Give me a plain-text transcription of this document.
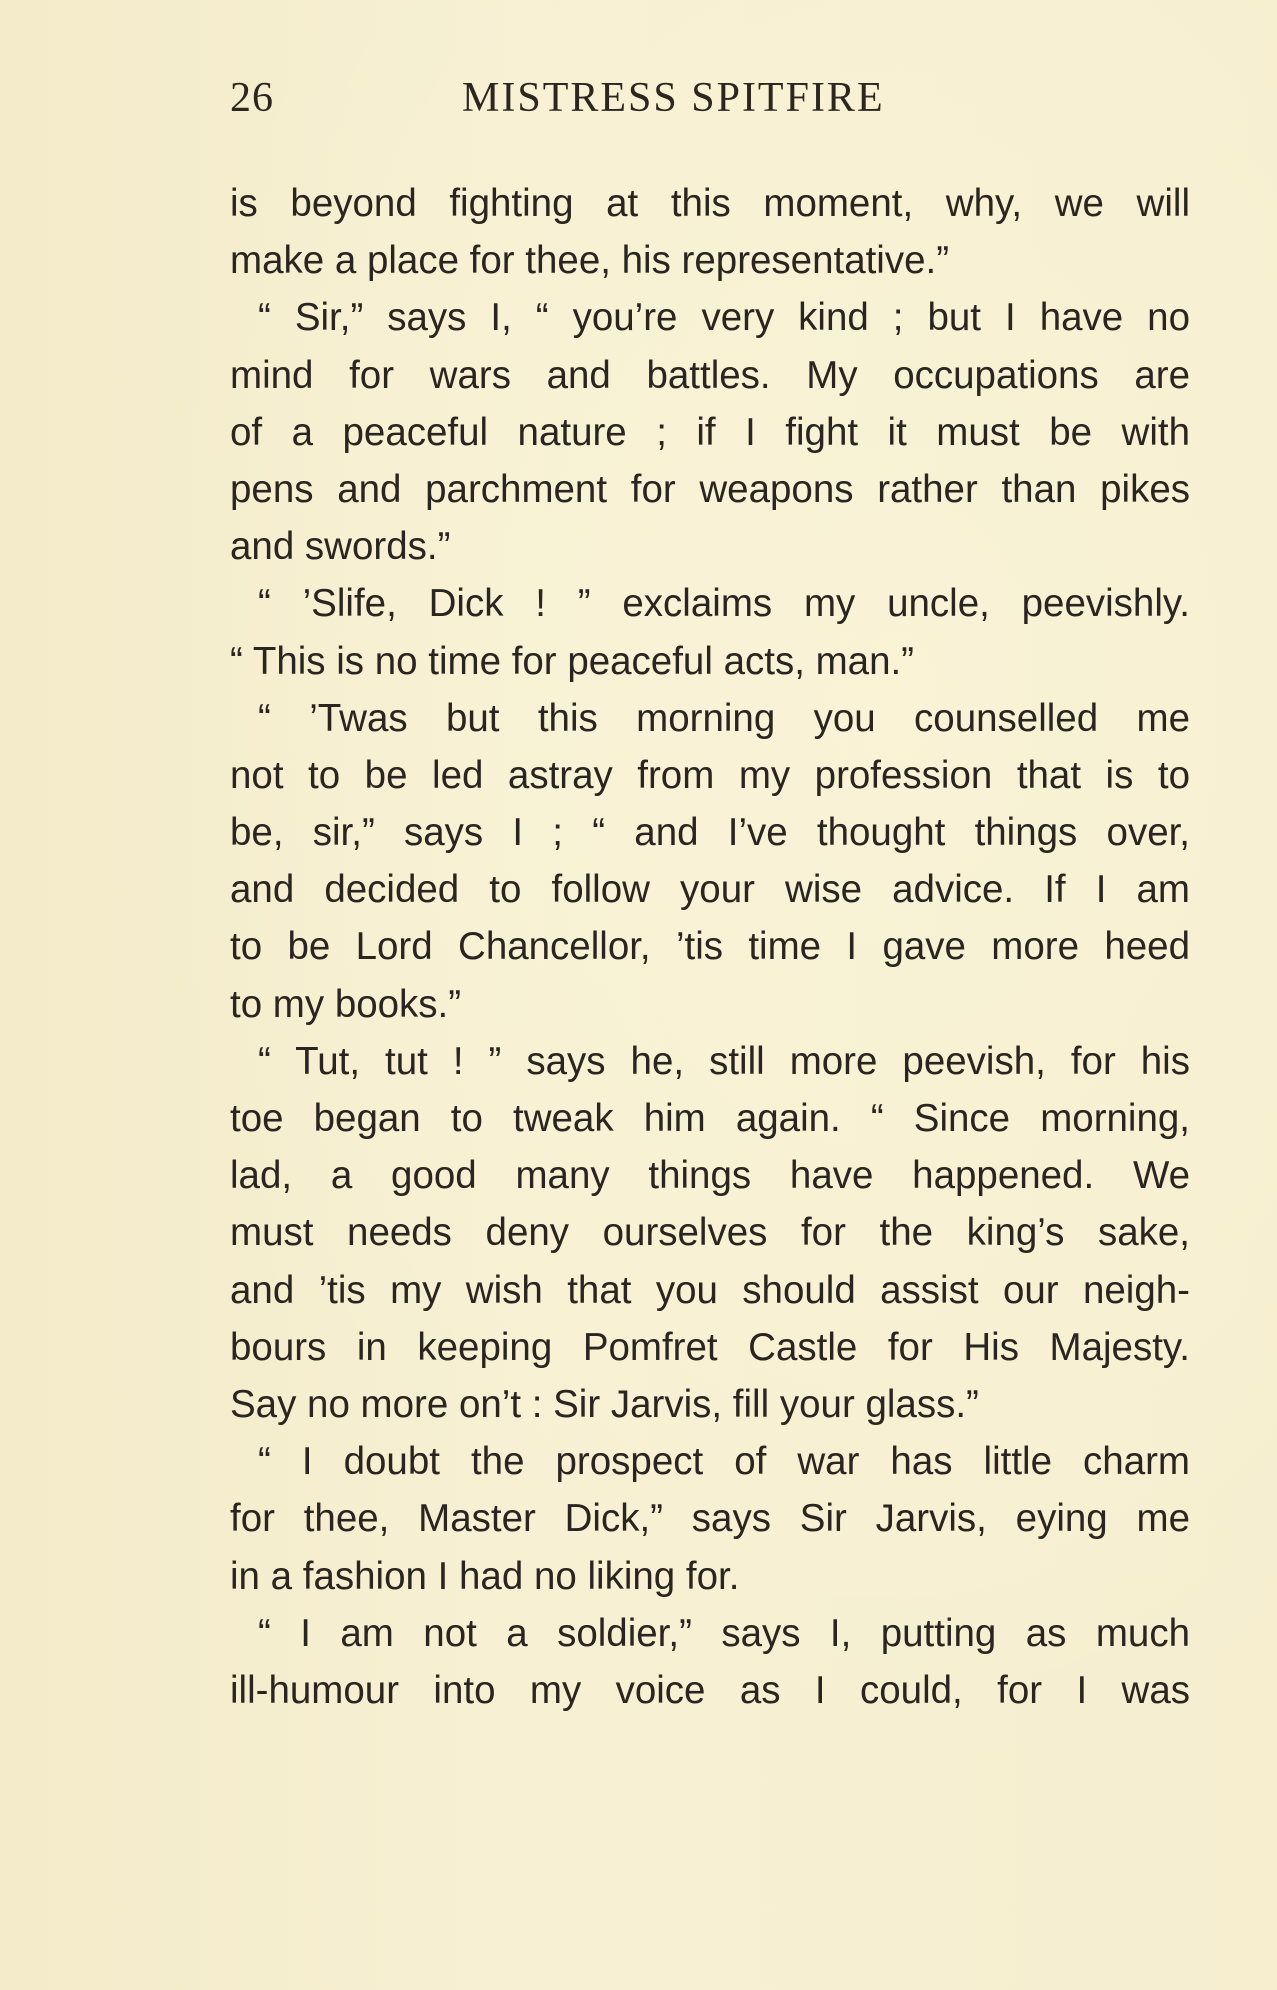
26	MISTRESS SPITFIRE
is beyond fighting at this moment, why, we will
make a place for thee, his representative.”
“ Sir,” says I, “ you’re very kind ; but I have no
mind for wars and battles. My occupations are
of a peaceful nature ; if I fight it must be with
pens and parchment for weapons rather than pikes
and swords.”
“ ’Slife, Dick ! ” exclaims my uncle, peevishly.
“ This is no time for peaceful acts, man.”
“ ’Twas but this morning you counselled me
not to be led astray from my profession that is to
be, sir,” says I ; “ and I’ve thought things over,
and decided to follow your wise advice. If I am
to be Lord Chancellor, ’tis time I gave more heed
to my books.”
“ Tut, tut ! ” says he, still more peevish, for his
toe began to tweak him again. “ Since morning,
lad, a good many things have happened. We
must needs deny ourselves for the king’s sake,
and ’tis my wish that you should assist our neigh-
bours in keeping Pomfret Castle for His Majesty.
Say no more on’t : Sir Jarvis, fill your glass.”
“ I doubt the prospect of war has little charm
for thee, Master Dick,” says Sir Jarvis, eying me
in a fashion I had no liking for.
“ I am not a soldier,” says I, putting as much
ill-humour into my voice as I could, for I was
